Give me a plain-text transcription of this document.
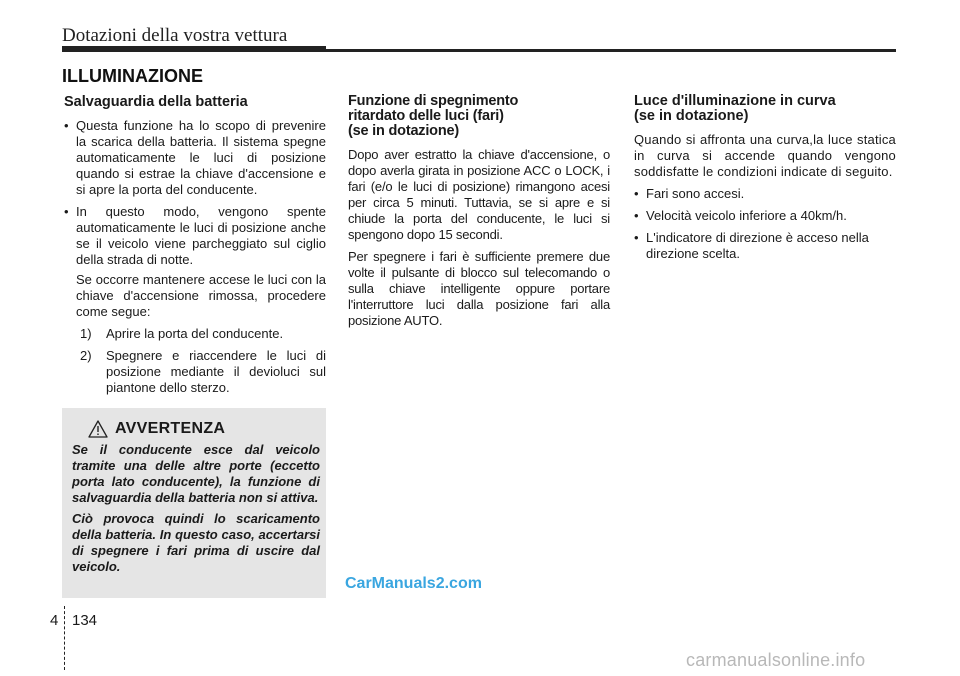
Dotazioni della vostra vettura
ILLUMINAZIONE
Salvaguardia della batteria
• Questa funzione ha lo scopo di prevenire la scarica della batteria. Il sistema spegne automaticamente le luci di posizione quando si estrae la chiave d'accensione e si apre la porta del conducente.
• In questo modo, vengono spente automaticamente le luci di posizione anche se il veicolo viene parcheggiato sul ciglio della strada di notte.

Se occorre mantenere accese le luci con la chiave d'accensione rimossa, procedere come segue:

1) Aprire la porta del conducente.
2) Spegnere e riaccendere le luci di posizione mediante il devioluci sul piantone dello sterzo.
AVVERTENZA

Se il conducente esce dal veicolo tramite una delle altre porte (eccetto porta lato conducente), la funzione di salvaguardia della batteria non si attiva.

Ciò provoca quindi lo scaricamento della batteria. In questo caso, accertarsi di spegnere i fari prima di uscire dal veicolo.

Funzione di spegnimento
ritardato delle luci (fari)
(se in dotazione)

Dopo aver estratto la chiave d'accensione, o dopo averla girata in posizione ACC o LOCK, i fari (e/o le luci di posizione) rimangono acesi per circa 5 minuti. Tuttavia, se si apre e si chiude la porta del conducente, le luci si spengono dopo 15 secondi.

Per spegnere i fari è sufficiente premere due volte il pulsante di blocco sul telecomando o sulla chiave intelligente oppure portare l'interruttore luci dalla posizione fari alla posizione AUTO.

Luce d'illuminazione in curva
(se in dotazione)

Quando si affronta una curva,la luce statica in curva si accende quando vengono soddisfatte le condizioni indicate di seguito.

• Fari sono accesi.
• Velocità veicolo inferiore a 40km/h.
• L'indicatore di direzione è acceso nella direzione scelta.
CarManuals2.com
4 134
carmanualsonline.info
